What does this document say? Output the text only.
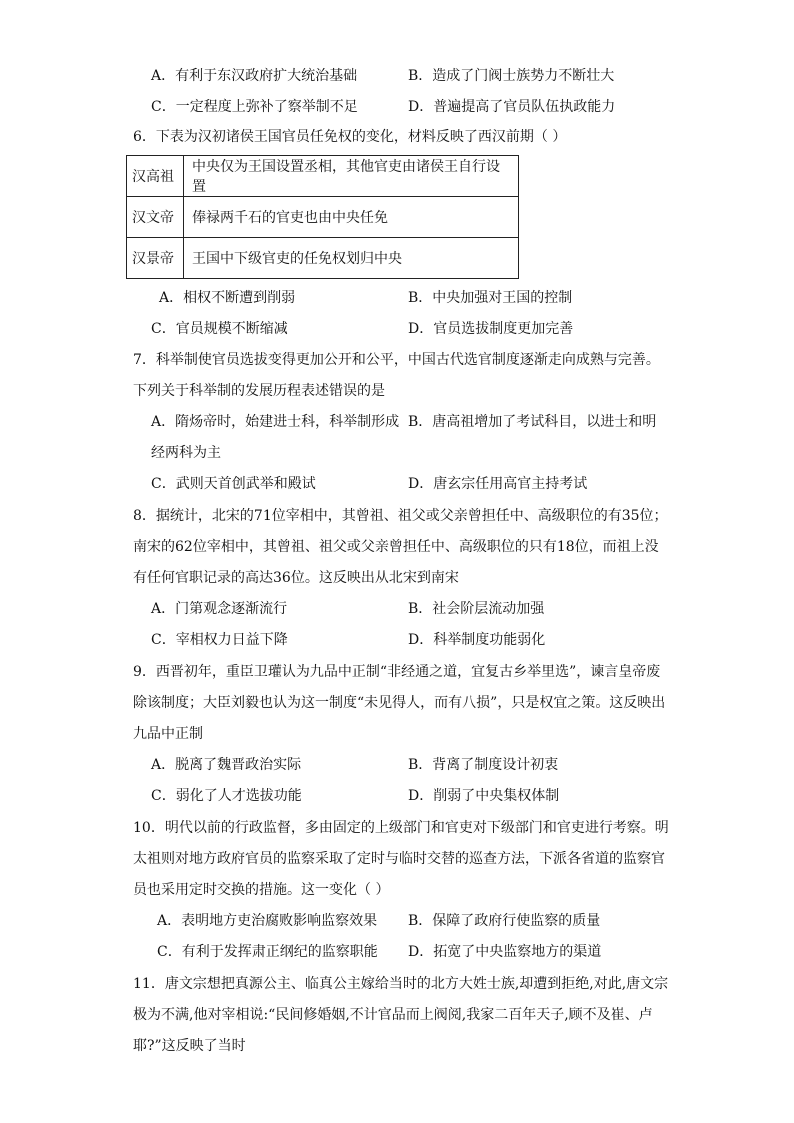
A．有利于东汉政府扩大统治基础	B．造成了门阀士族势力不断壮大
C．一定程度上弥补了察举制不足	D．普遍提高了官员队伍执政能力
6．下表为汉初诸侯王国官员任免权的变化，材料反映了西汉前期（ ）
汉高祖	中央仅为王国设置丞相，其他官吏由诸侯王自行设置
汉文帝	俸禄两千石的官吏也由中央任免
汉景帝	王国中下级官吏的任免权划归中央
A．相权不断遭到削弱	B．中央加强对王国的控制
C．官员规模不断缩减	D．官员选拔制度更加完善
7．科举制使官员选拔变得更加公开和公平，中国古代选官制度逐渐走向成熟与完善。
下列关于科举制的发展历程表述错误的是
A．隋炀帝时，始建进士科，科举制形成 B．唐高祖增加了考试科目，以进士和明
经两科为主
C．武则天首创武举和殿试	D．唐玄宗任用高官主持考试
8．据统计，北宋的71位宰相中，其曾祖、祖父或父亲曾担任中、高级职位的有35位；
南宋的62位宰相中，其曾祖、祖父或父亲曾担任中、高级职位的只有18位，而祖上没
有任何官职记录的高达36位。这反映出从北宋到南宋
A．门第观念逐渐流行	B．社会阶层流动加强
C．宰相权力日益下降	D．科举制度功能弱化
9．西晋初年，重臣卫瓘认为九品中正制“非经通之道，宜复古乡举里选”，谏言皇帝废
除该制度；大臣刘毅也认为这一制度“未见得人，而有八损”，只是权宜之策。这反映出
九品中正制
A．脱离了魏晋政治实际	B．背离了制度设计初衷
C．弱化了人才选拔功能	D．削弱了中央集权体制
10．明代以前的行政监督，多由固定的上级部门和官吏对下级部门和官吏进行考察。明
太祖则对地方政府官员的监察采取了定时与临时交替的巡查方法，下派各省道的监察官
员也采用定时交换的措施。这一变化（ ）
A．表明地方吏治腐败影响监察效果 B．保障了政府行使监察的质量
C．有利于发挥肃正纲纪的监察职能 D．拓宽了中央监察地方的渠道
11．唐文宗想把真源公主、临真公主嫁给当时的北方大姓士族,却遭到拒绝,对此,唐文宗
极为不满,他对宰相说:“民间修婚姻,不计官品而上阀阅,我家二百年天子,顾不及崔、卢
耶?”这反映了当时
